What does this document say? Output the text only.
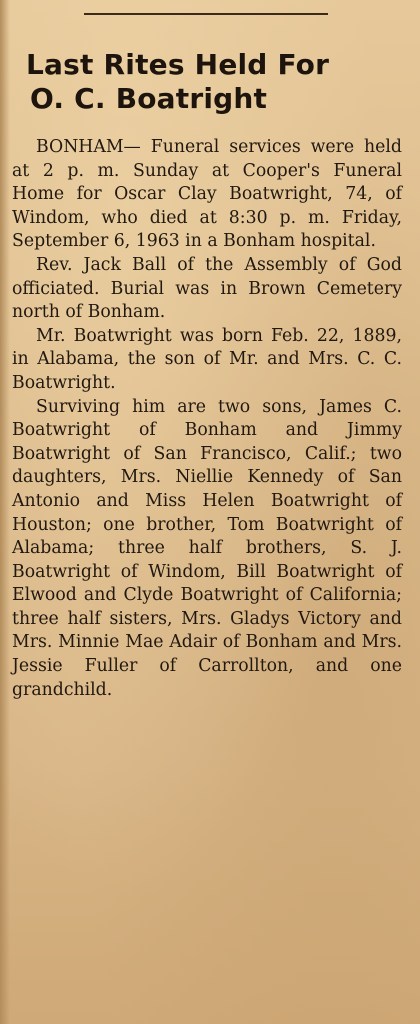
Last Rites Held For
O. C. Boatright

BONHAM— Funeral services were held at 2 p. m. Sunday at Cooper's Funeral Home for Oscar Clay Boatwright, 74, of Windom, who died at 8:30 p. m. Friday, September 6, 1963 in a Bonham hospital.

Rev. Jack Ball of the Assembly of God officiated. Burial was in Brown Cemetery north of Bonham.

Mr. Boatwright was born Feb. 22, 1889, in Alabama, the son of Mr. and Mrs. C. C. Boatwright.

Surviving him are two sons, James C. Boatwright of Bonham and Jimmy Boatwright of San Francisco, Calif.; two daughters, Mrs. Niellie Kennedy of San Antonio and Miss Helen Boatwright of Houston; one brother, Tom Boatwright of Alabama; three half brothers, S. J. Boatwright of Windom, Bill Boatwright of Elwood and Clyde Boatwright of California; three half sisters, Mrs. Gladys Victory and Mrs. Minnie Mae Adair of Bonham and Mrs. Jessie Fuller of Carrollton, and one grandchild.
